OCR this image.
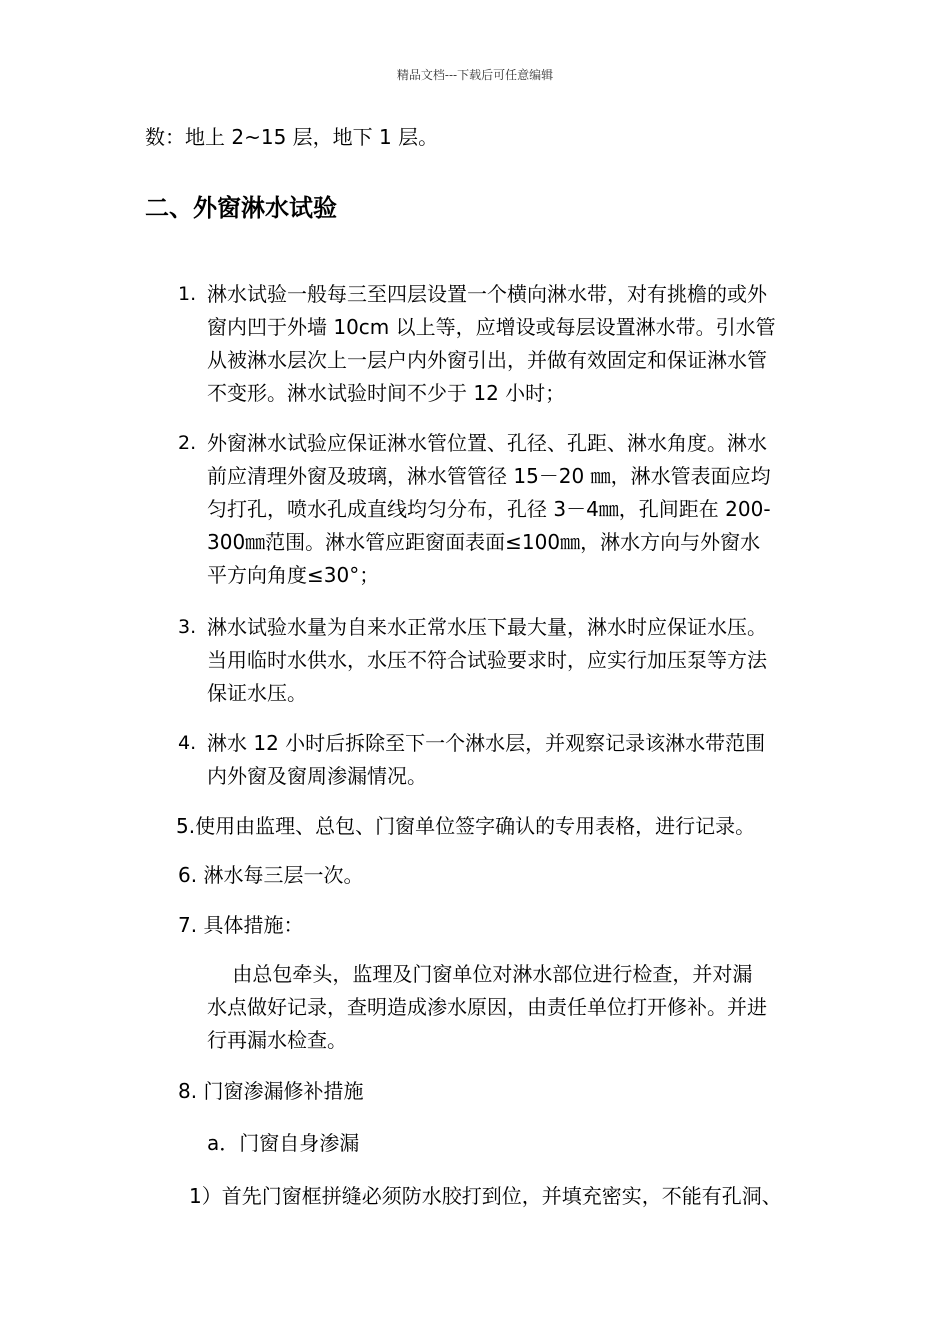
精品文档---下载后可任意编辑
数：地上 2~15 层，地下 1 层。
二、外窗淋水试验
1. 淋水试验一般每三至四层设置一个横向淋水带，对有挑檐的或外
窗内凹于外墙 10cm 以上等，应增设或每层设置淋水带。引水管
从被淋水层次上一层户内外窗引出，并做有效固定和保证淋水管
不变形。淋水试验时间不少于 12 小时；
2. 外窗淋水试验应保证淋水管位置、孔径、孔距、淋水角度。淋水
前应清理外窗及玻璃，淋水管管径 15－20 ㎜，淋水管表面应均
匀打孔，喷水孔成直线均匀分布，孔径 3－4㎜，孔间距在 200-
300㎜范围。淋水管应距窗面表面≤100㎜，淋水方向与外窗水
平方向角度≤30°；
3. 淋水试验水量为自来水正常水压下最大量，淋水时应保证水压。
当用临时水供水，水压不符合试验要求时，应实行加压泵等方法
保证水压。
4. 淋水 12 小时后拆除至下一个淋水层，并观察记录该淋水带范围
内外窗及窗周渗漏情况。
5.使用由监理、总包、门窗单位签字确认的专用表格，进行记录。
6. 淋水每三层一次。
7. 具体措施：
由总包牵头，监理及门窗单位对淋水部位进行检查，并对漏
水点做好记录，查明造成渗水原因，由责任单位打开修补。并进
行再漏水检查。
8. 门窗渗漏修补措施
a．门窗自身渗漏
1）首先门窗框拼缝必须防水胶打到位，并填充密实，不能有孔洞、
